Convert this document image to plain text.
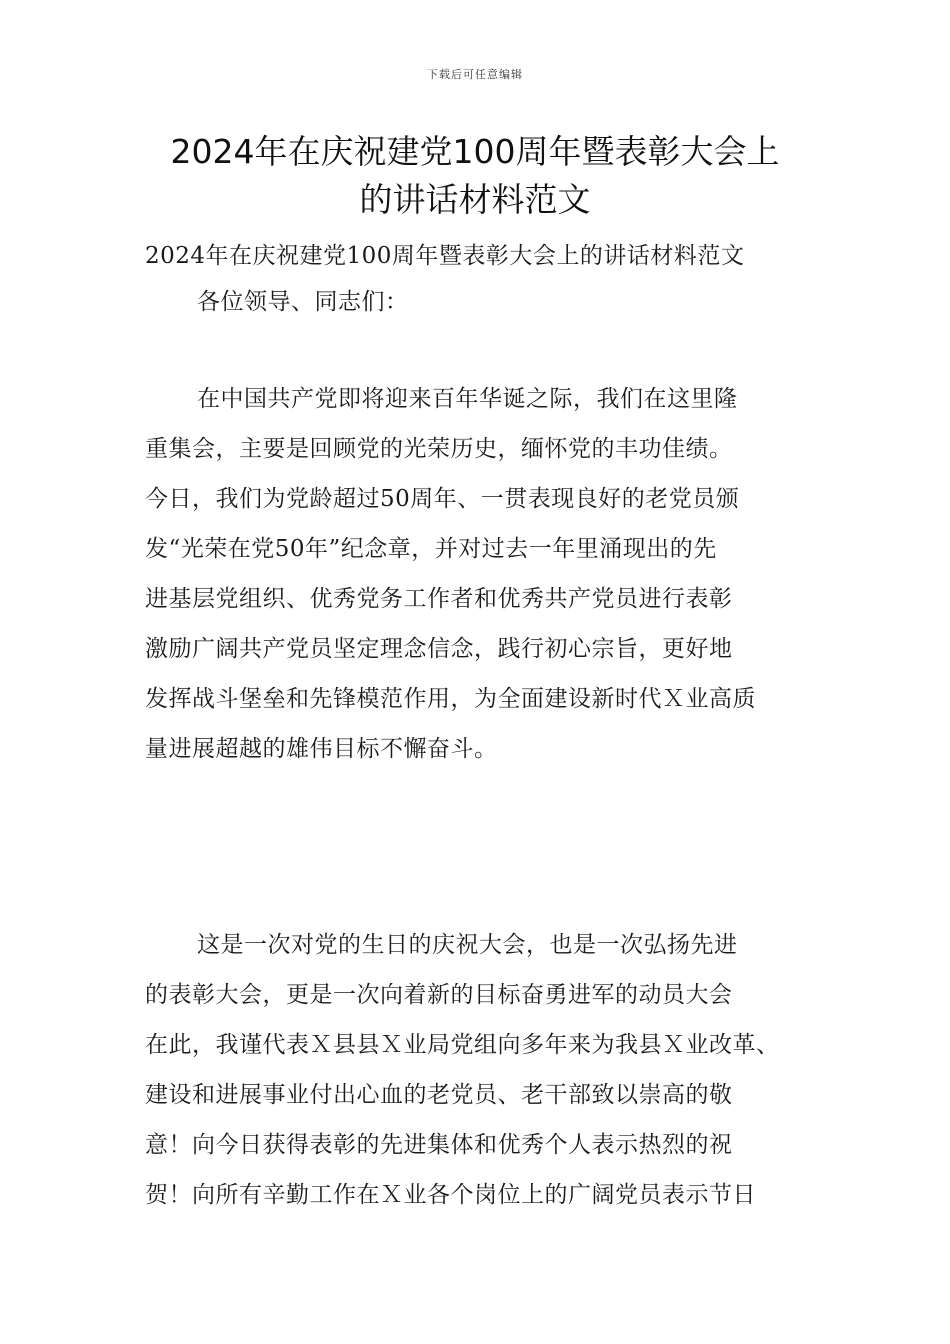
下载后可任意编辑
2024年在庆祝建党100周年暨表彰大会上
的讲话材料范文
2024年在庆祝建党100周年暨表彰大会上的讲话材料范文
各位领导、同志们：
在中国共产党即将迎来百年华诞之际，我们在这里隆
重集会，主要是回顾党的光荣历史，缅怀党的丰功佳绩。
今日，我们为党龄超过50周年、一贯表现良好的老党员颁
发“光荣在党50年”纪念章，并对过去一年里涌现出的先
进基层党组织、优秀党务工作者和优秀共产党员进行表彰
激励广阔共产党员坚定理念信念，践行初心宗旨，更好地
发挥战斗堡垒和先锋模范作用，为全面建设新时代Ｘ业高质
量进展超越的雄伟目标不懈奋斗。
这是一次对党的生日的庆祝大会，也是一次弘扬先进
的表彰大会，更是一次向着新的目标奋勇进军的动员大会
在此，我谨代表Ｘ县县Ｘ业局党组向多年来为我县Ｘ业改革、
建设和进展事业付出心血的老党员、老干部致以崇高的敬
意！向今日获得表彰的先进集体和优秀个人表示热烈的祝
贺！向所有辛勤工作在Ｘ业各个岗位上的广阔党员表示节日
